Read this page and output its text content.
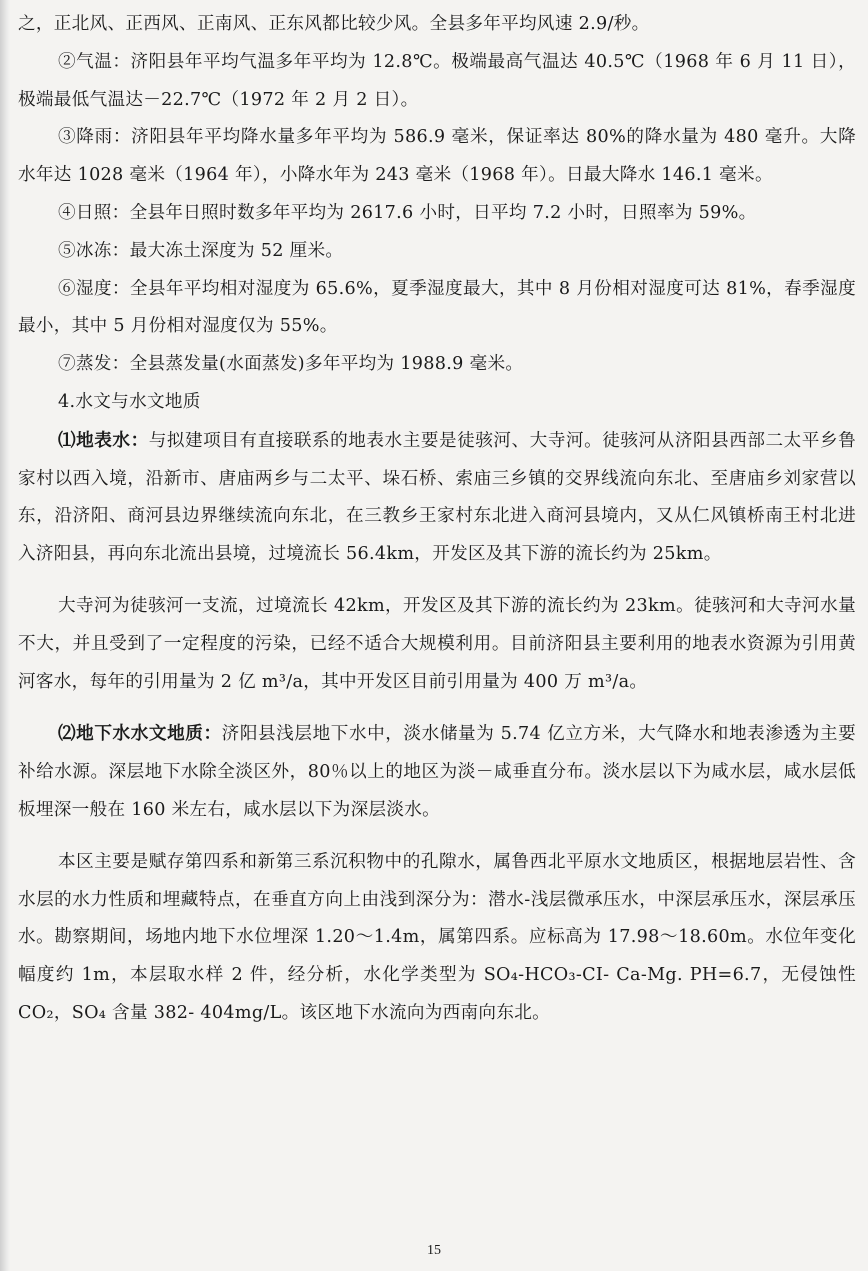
之，正北风、正西风、正南风、正东风都比较少风。全县多年平均风速 2.9/秒。

②气温：济阳县年平均气温多年平均为 12.8℃。极端最高气温达 40.5℃（1968 年 6 月 11 日），极端最低气温达－22.7℃（1972 年 2 月 2 日）。

③降雨：济阳县年平均降水量多年平均为 586.9 毫米，保证率达 80%的降水量为 480 毫升。大降水年达 1028 毫米（1964 年），小降水年为 243 毫米（1968 年）。日最大降水 146.1 毫米。

④日照：全县年日照时数多年平均为 2617.6 小时，日平均 7.2 小时，日照率为 59%。

⑤冰冻：最大冻土深度为 52 厘米。

⑥湿度：全县年平均相对湿度为 65.6%，夏季湿度最大，其中 8 月份相对湿度可达 81%，春季湿度最小，其中 5 月份相对湿度仅为 55%。

⑦蒸发：全县蒸发量(水面蒸发)多年平均为 1988.9 毫米。

4.水文与水文地质

⑴地表水：与拟建项目有直接联系的地表水主要是徒骇河、大寺河。徒骇河从济阳县西部二太平乡鲁家村以西入境，沿新市、唐庙两乡与二太平、垛石桥、索庙三乡镇的交界线流向东北、至唐庙乡刘家营以东，沿济阳、商河县边界继续流向东北，在三教乡王家村东北进入商河县境内，又从仁风镇桥南王村北进入济阳县，再向东北流出县境，过境流长 56.4km，开发区及其下游的流长约为 25km。

大寺河为徒骇河一支流，过境流长 42km，开发区及其下游的流长约为 23km。徒骇河和大寺河水量不大，并且受到了一定程度的污染，已经不适合大规模利用。目前济阳县主要利用的地表水资源为引用黄河客水，每年的引用量为 2 亿 m³/a，其中开发区目前引用量为 400 万 m³/a。

⑵地下水水文地质：济阳县浅层地下水中，淡水储量为 5.74 亿立方米，大气降水和地表渗透为主要补给水源。深层地下水除全淡区外，80％以上的地区为淡－咸垂直分布。淡水层以下为咸水层，咸水层低板埋深一般在 160 米左右，咸水层以下为深层淡水。

本区主要是赋存第四系和新第三系沉积物中的孔隙水，属鲁西北平原水文地质区，根据地层岩性、含水层的水力性质和埋藏特点，在垂直方向上由浅到深分为：潜水-浅层微承压水，中深层承压水，深层承压水。勘察期间，场地内地下水位埋深 1.20～1.4m，属第四系。应标高为 17.98～18.60m。水位年变化幅度约 1m，本层取水样 2 件，经分析，水化学类型为 SO₄-HCO₃-CI- Ca-Mg. PH=6.7，无侵蚀性 CO₂，SO₄ 含量 382- 404mg/L。该区地下水流向为西南向东北。

15
